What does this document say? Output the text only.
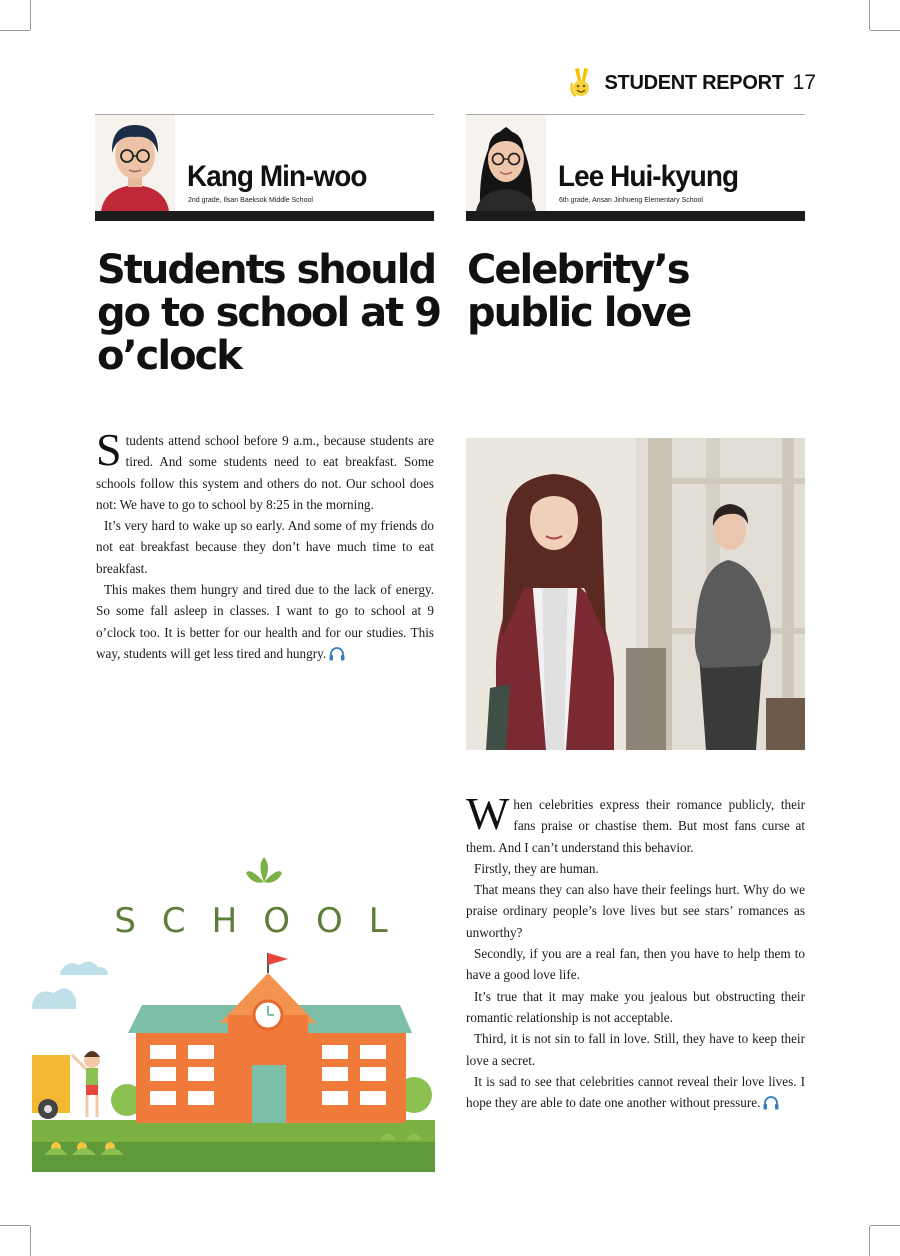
STUDENT REPORT 17
Kang Min-woo
2nd grade, Ilsan Baeksok Middle School
Lee Hui-kyung
6th grade, Ansan Jinhueng Elementary School
Students should
go to school at 9
o’clock
Celebrity’s
public love

Students attend school before 9 a.m., because students are tired. And some students need to eat breakfast. Some schools follow this system and others do not. Our school does not: We have to go to school by 8:25 in the morning.

It’s very hard to wake up so early. And some of my friends do not eat breakfast because they don’t have much time to eat breakfast.

This makes them hungry and tired due to the lack of energy. So some fall asleep in classes. I want to go to school at 9 o’clock too. It is better for our health and for our studies. This way, students will get less tired and hungry.

When celebrities express their romance publicly, their fans praise or chastise them. But most fans curse at them. And I can’t understand this behavior.

Firstly, they are human.

That means they can also have their feelings hurt. Why do we praise ordinary people’s love lives but see stars’ romances as unworthy?

Secondly, if you are a real fan, then you have to help them to have a good love life.

It’s true that it may make you jealous but obstructing their romantic relationship is not acceptable.

Third, it is not sin to fall in love. Still, they have to keep their love a secret.

It is sad to see that celebrities cannot reveal their love lives. I hope they are able to date one another without pressure.

SCHOOL
